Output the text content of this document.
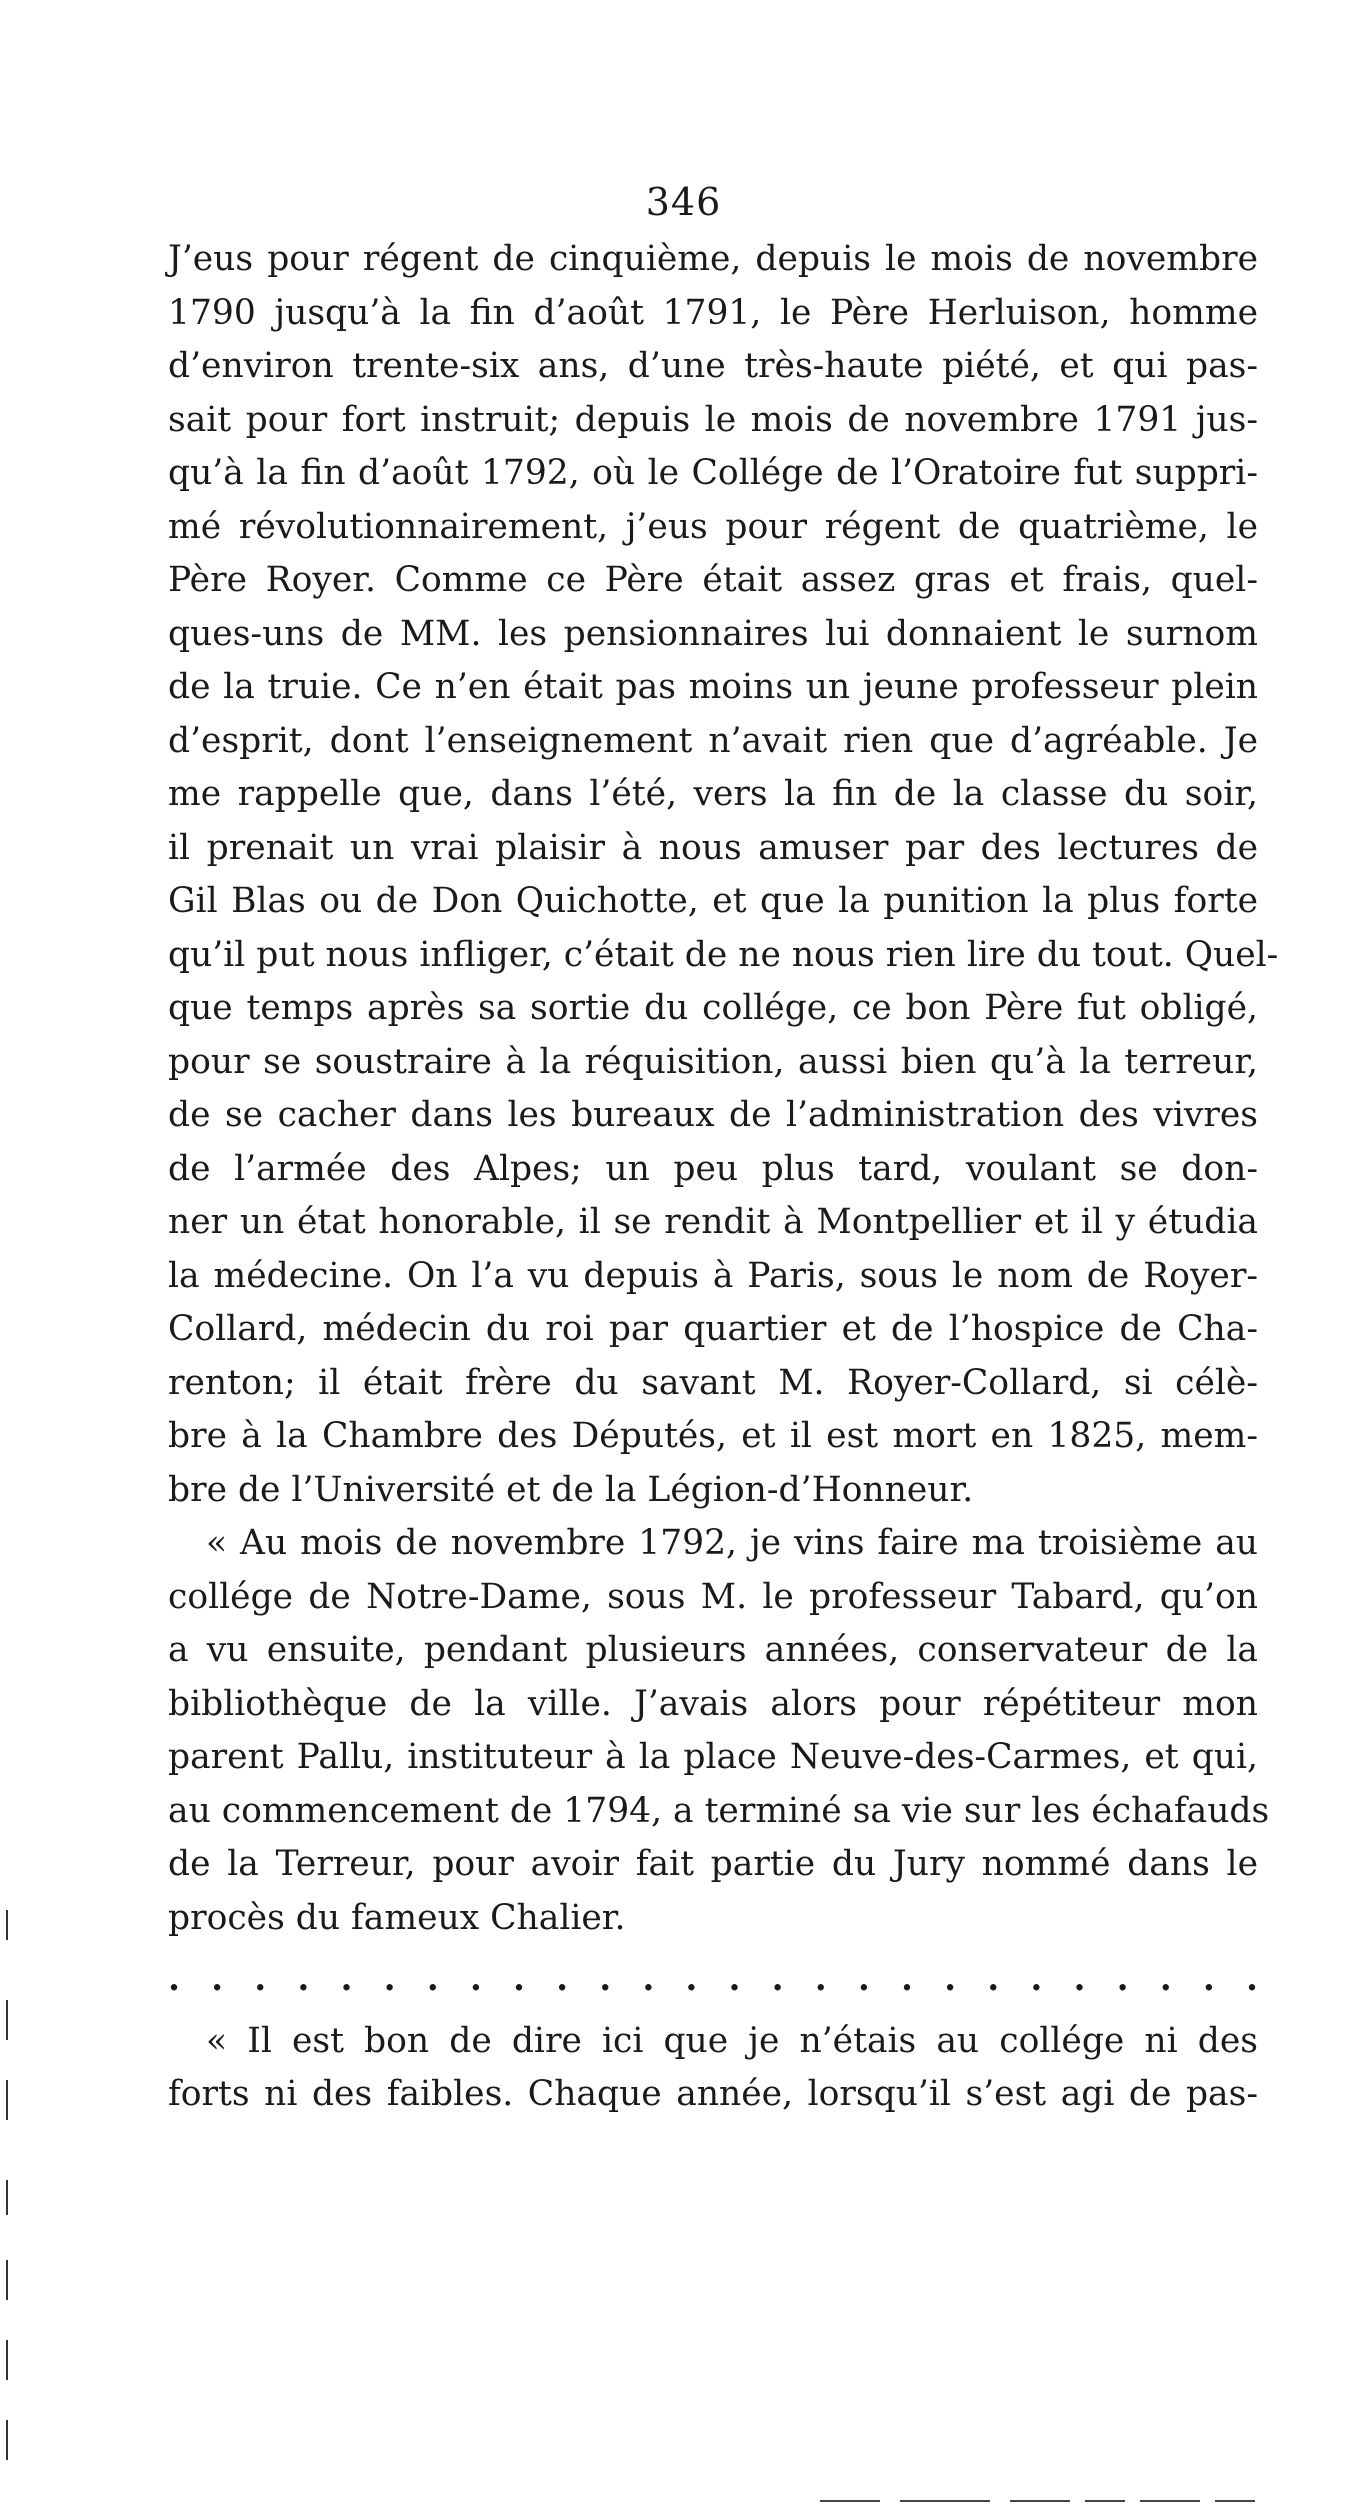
346
J’eus pour régent de cinquième, depuis le mois de novembre
1790 jusqu’à la fin d’août 1791, le Père Herluison, homme
d’environ trente-six ans, d’une très-haute piété, et qui pas-
sait pour fort instruit; depuis le mois de novembre 1791 jus-
qu’à la fin d’août 1792, où le Collége de l’Oratoire fut suppri-
mé révolutionnairement, j’eus pour régent de quatrième, le
Père Royer. Comme ce Père était assez gras et frais, quel-
ques-uns de MM. les pensionnaires lui donnaient le surnom
de la truie. Ce n’en était pas moins un jeune professeur plein
d’esprit, dont l’enseignement n’avait rien que d’agréable. Je
me rappelle que, dans l’été, vers la fin de la classe du soir,
il prenait un vrai plaisir à nous amuser par des lectures de
Gil Blas ou de Don Quichotte, et que la punition la plus forte
qu’il put nous infliger, c’était de ne nous rien lire du tout. Quel-
que temps après sa sortie du collége, ce bon Père fut obligé,
pour se soustraire à la réquisition, aussi bien qu’à la terreur,
de se cacher dans les bureaux de l’administration des vivres
de l’armée des Alpes; un peu plus tard, voulant se don-
ner un état honorable, il se rendit à Montpellier et il y étudia
la médecine. On l’a vu depuis à Paris, sous le nom de Royer-
Collard, médecin du roi par quartier et de l’hospice de Cha-
renton; il était frère du savant M. Royer-Collard, si célè-
bre à la Chambre des Députés, et il est mort en 1825, mem-
bre de l’Université et de la Légion-d’Honneur.
« Au mois de novembre 1792, je vins faire ma troisième au
collége de Notre-Dame, sous M. le professeur Tabard, qu’on
a vu ensuite, pendant plusieurs années, conservateur de la
bibliothèque de la ville. J’avais alors pour répétiteur mon
parent Pallu, instituteur à la place Neuve-des-Carmes, et qui,
au commencement de 1794, a terminé sa vie sur les échafauds
de la Terreur, pour avoir fait partie du Jury nommé dans le
procès du fameux Chalier.
. . . . . . . . . . . . . . . . . . . . . . . . . .
« Il est bon de dire ici que je n’étais au collége ni des
forts ni des faibles. Chaque année, lorsqu’il s’est agi de pas-
